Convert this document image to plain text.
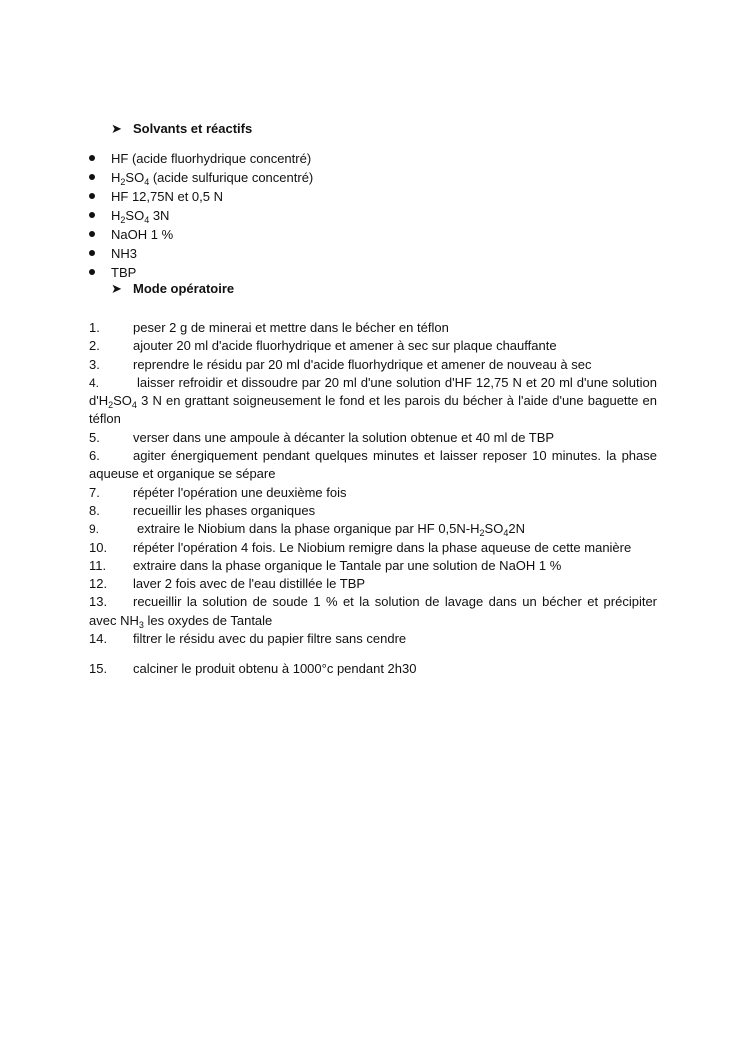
➤ Solvants et réactifs
HF (acide fluorhydrique concentré)
$H_2SO_4$ (acide sulfurique concentré)
HF 12,75N et 0,5 N
$H_2SO_4$ 3N
NaOH 1 %
NH3
TBP
➤ Mode opératoire
1.	peser 2 g de minerai et mettre dans le bécher en téflon
2.	ajouter 20 ml d'acide fluorhydrique et amener à sec sur plaque chauffante
3.	reprendre le résidu par 20 ml d'acide fluorhydrique et amener de nouveau à sec
4.	laisser refroidir et dissoudre par 20 ml d'une solution d'HF 12,75 N et 20 ml d'une solution $d'H_2SO_4$ 3 N en grattant soigneusement le fond et les parois du bécher à l'aide d'une baguette en téflon
5.	verser dans une ampoule à décanter la solution obtenue et 40 ml de TBP
6.	agiter énergiquement pendant quelques minutes et laisser reposer 10 minutes. la phase aqueuse et organique se sépare
7.	répéter l'opération une deuxième fois
8.	recueillir les phases organiques
9.	extraire le Niobium dans la phase organique par HF $0,5N-H_2SO_42N$
10. répéter l'opération 4 fois. Le Niobium remigre dans la phase aqueuse de cette manière
11. extraire dans la phase organique le Tantale par une solution de NaOH 1 %
12. laver 2 fois avec de l'eau distillée le TBP
13. recueillir la solution de soude 1 % et la solution de lavage dans un bécher et précipiter avec $NH_3$ les oxydes de Tantale
14. filtrer le résidu avec du papier filtre sans cendre
15. calciner le produit obtenu à 1000°c pendant 2h30
